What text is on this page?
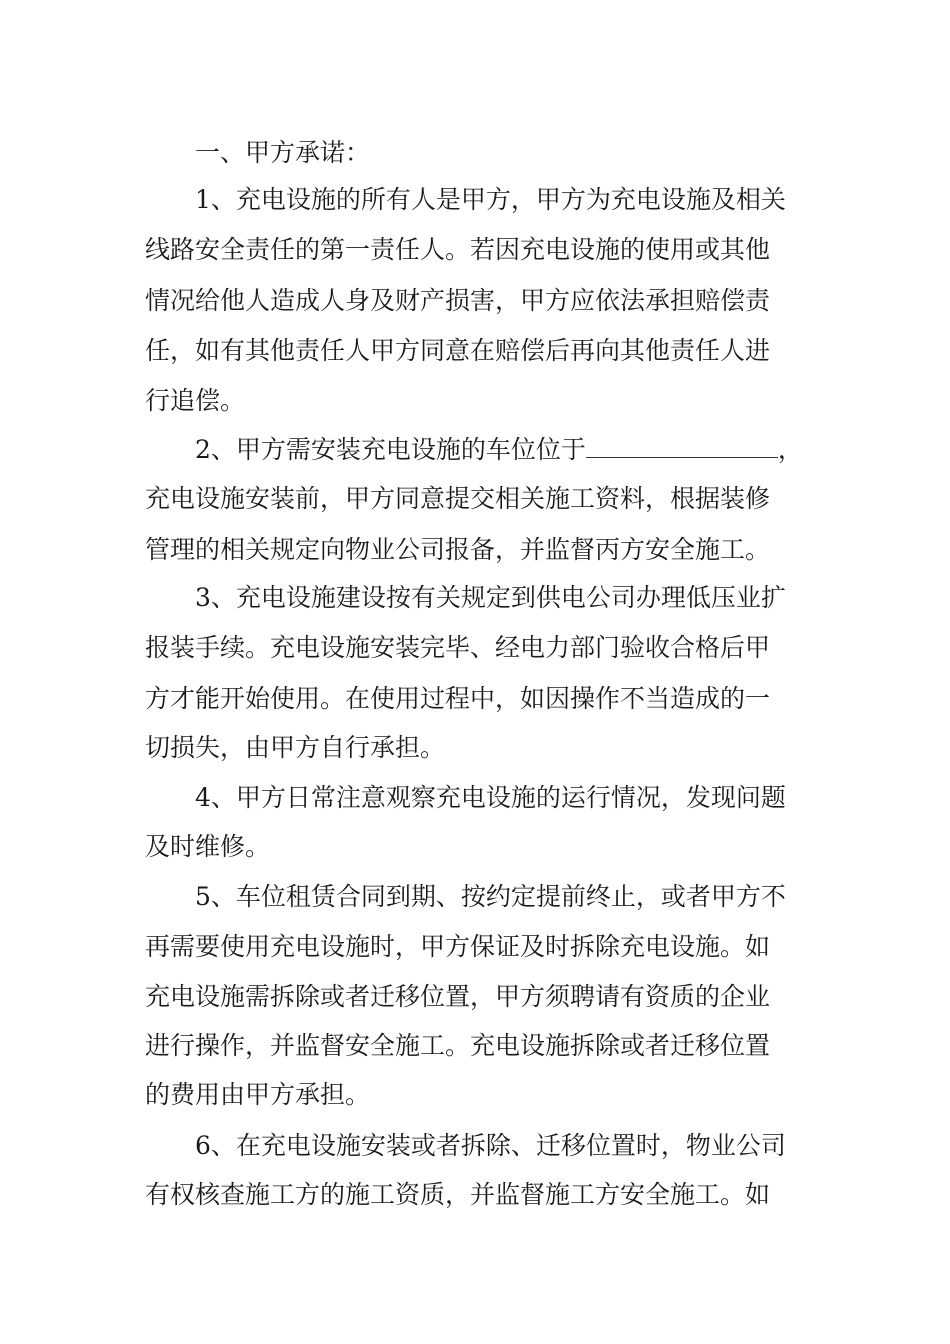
一、甲方承诺：
1、充电设施的所有人是甲方，甲方为充电设施及相关
线路安全责任的第一责任人。若因充电设施的使用或其他
情况给他人造成人身及财产损害，甲方应依法承担赔偿责
任，如有其他责任人甲方同意在赔偿后再向其他责任人进
行追偿。
2、甲方需安装充电设施的车位位于	，
充电设施安装前，甲方同意提交相关施工资料，根据装修
管理的相关规定向物业公司报备，并监督丙方安全施工。
3、充电设施建设按有关规定到供电公司办理低压业扩
报装手续。充电设施安装完毕、经电力部门验收合格后甲
方才能开始使用。在使用过程中，如因操作不当造成的一
切损失，由甲方自行承担。
4、甲方日常注意观察充电设施的运行情况，发现问题
及时维修。
5、车位租赁合同到期、按约定提前终止，或者甲方不
再需要使用充电设施时，甲方保证及时拆除充电设施。如
充电设施需拆除或者迁移位置，甲方须聘请有资质的企业
进行操作，并监督安全施工。充电设施拆除或者迁移位置
的费用由甲方承担。
6、在充电设施安装或者拆除、迁移位置时，物业公司
有权核查施工方的施工资质，并监督施工方安全施工。如
